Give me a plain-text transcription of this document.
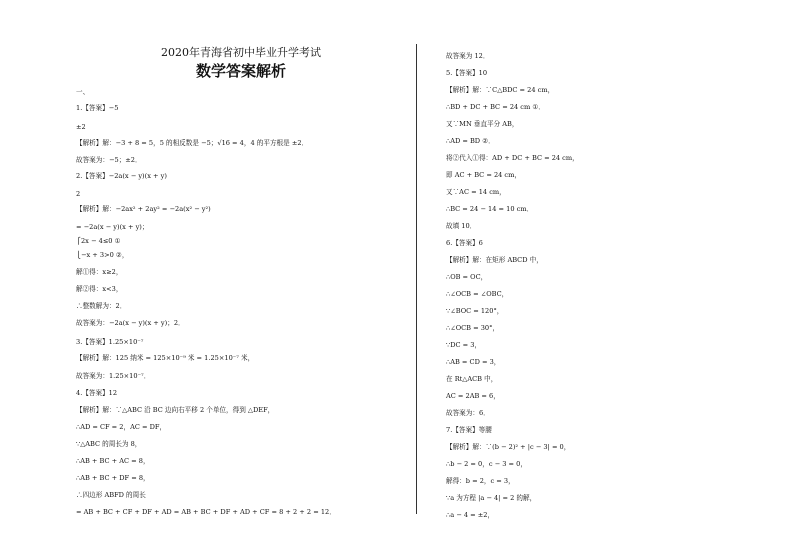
2020年青海省初中毕业升学考试
数学答案解析
一、
1.【答案】−5
±2
【解析】解：−3 + 8 = 5，5 的相反数是 −5；√16 = 4，4 的平方根是 ±2．
故答案为：−5；±2．
2.【答案】−2a(x − y)(x + y)
2
【解析】解：−2ax² + 2ay² = −2a(x² − y²)
= −2a(x − y)(x + y)；
⎧2x − 4≤0 ①
⎩−x + 3>0 ②，
解①得：x≥2，
解②得：x<3，
∴整数解为：2．
故答案为：−2a(x − y)(x + y)；2．
3.【答案】1.25×10⁻⁷
【解析】解：125 纳米 = 125×10⁻⁹ 米 = 1.25×10⁻⁷ 米，
故答案为：1.25×10⁻⁷．
4.【答案】12
【解析】解：∵△ABC 沿 BC 边向右平移 2 个单位，得到 △DEF，
∴AD = CF = 2，AC = DF，
∵△ABC 的周长为 8，
∴AB + BC + AC = 8，
∴AB + BC + DF = 8，
∴四边形 ABFD 的周长
= AB + BC + CF + DF + AD = AB + BC + DF + AD + CF = 8 + 2 + 2 = 12．
故答案为 12．
5.【答案】10
【解析】解：∵C△BDC = 24 cm，
∴BD + DC + BC = 24 cm ①．
又∵MN 垂直平分 AB，
∴AD = BD ②．
将②代入①得：AD + DC + BC = 24 cm，
即 AC + BC = 24 cm，
又∵AC = 14 cm，
∴BC = 24 − 14 = 10 cm．
故填 10．
6.【答案】6
【解析】解：在矩形 ABCD 中，
∴OB = OC，
∴∠OCB = ∠OBC，
∵∠BOC = 120°，
∴∠OCB = 30°，
∵DC = 3，
∴AB = CD = 3，
在 Rt△ACB 中，
AC = 2AB = 6，
故答案为：6．
7.【答案】等腰
【解析】解：∵(b − 2)² + |c − 3| = 0，
∴b − 2 = 0，c − 3 = 0，
解得：b = 2，c = 3，
∵a 为方程 |a − 4| = 2 的解，
∴a − 4 = ±2，
